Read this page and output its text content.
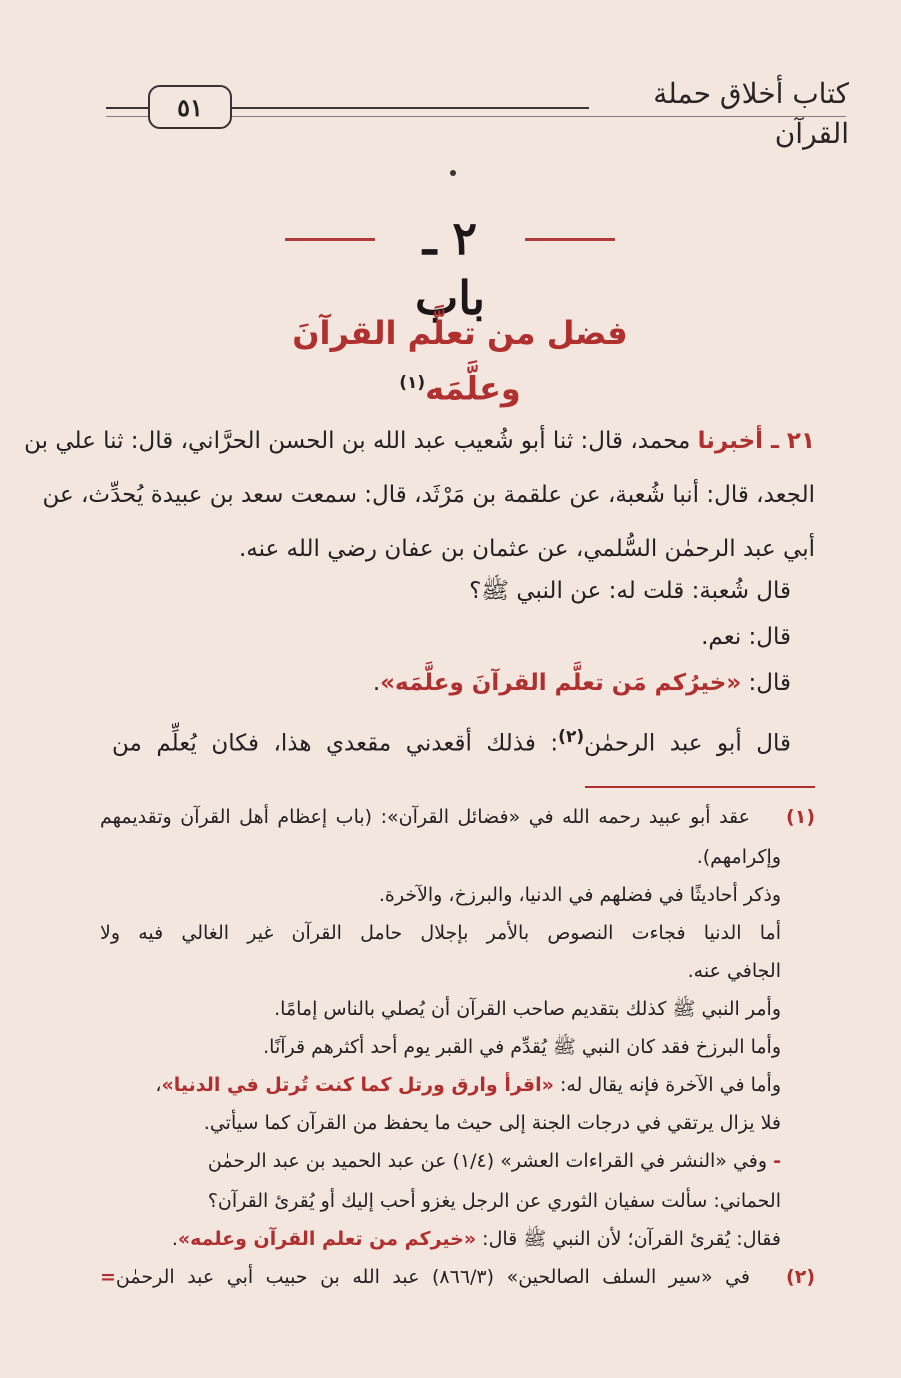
٥١	كتاب أخلاق حملة القرآن
٢ ـ باب
فضل من تعلَّم القرآنَ وعلَّمَه$^{(١)}$
٢١ ـ أخبرنا محمد، قال: ثنا أبو شُعيب عبد الله بن الحسن الحرَّاني، قال: ثنا علي بن
الجعد، قال: أنبا شُعبة، عن علقمة بن مَرْثَد، قال: سمعت سعد بن عبيدة يُحدِّث، عن
أبي عبد الرحمٰن السُّلمي، عن عثمان بن عفان رضي الله عنه.
قال شُعبة: قلت له: عن النبي ﷺ؟
قال: نعم.
قال: «خيرُكم مَن تعلَّم القرآنَ وعلَّمَه».
قال أبو عبد الرحمٰن$^{(٢)}$: فذلك أقعدني مقعدي هذا، فكان يُعلِّم من
(١)عقد أبو عبيد رحمه الله في «فضائل القرآن»: (باب إعظام أهل القرآن وتقديمهم
وإكرامهم).
وذكر أحاديثًا في فضلهم في الدنيا، والبرزخ، والآخرة.
أما الدنيا فجاءت النصوص بالأمر بإجلال حامل القرآن غير الغالي فيه ولا
الجافي عنه.
وأمر النبي ﷺ كذلك بتقديم صاحب القرآن أن يُصلي بالناس إمامًا.
وأما البرزخ فقد كان النبي ﷺ يُقدِّم في القبر يوم أحد أكثرهم قرآنًا.
وأما في الآخرة فإنه يقال له: «اقرأ وارق ورتل كما كنت تُرتل في الدنيا»،
فلا يزال يرتقي في درجات الجنة إلى حيث ما يحفظ من القرآن كما سيأتي.
- وفي «النشر في القراءات العشر» (١/٤) عن عبد الحميد بن عبد الرحمٰن
الحماني: سألت سفيان الثوري عن الرجل يغزو أحب إليك أو يُقرئ القرآن؟
فقال: يُقرئ القرآن؛ لأن النبي ﷺ قال: «خيركم من تعلم القرآن وعلمه».
(٢)في «سير السلف الصالحين» (٨٦٦/٣) عبد الله بن حبيب أبي عبد الرحمٰن=
